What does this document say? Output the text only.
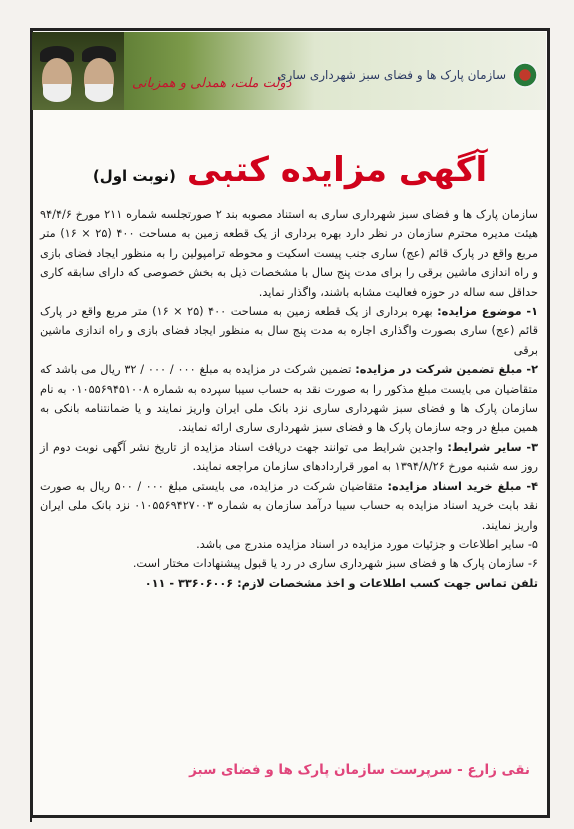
دولت ملت، همدلی و همزبانی
سازمان پارک ها و فضای سبز شهرداری ساری
آگهی مزایده کتبی (نوبت اول)

سازمان پارک ها و فضای سبز شهرداری ساری به استناد مصوبه بند ۲ صورتجلسه شماره ۲۱۱ مورخ ۹۴/۴/۶ هیئت مدیره محترم سازمان در نظر دارد بهره برداری از یک قطعه زمین به مساحت ۴۰۰ (۲۵ × ۱۶) متر مربع واقع در پارک قائم (عج) ساری جنب پیست اسکیت و محوطه ترامپولین را به منظور ایجاد فضای بازی و راه اندازی ماشین برقی را برای مدت پنج سال با مشخصات ذیل به بخش خصوصی که دارای سابقه کاری حداقل سه ساله در حوزه فعالیت مشابه باشند، واگذار نماید.

۱- موضوع مزایده: بهره برداری از یک قطعه زمین به مساحت ۴۰۰ (۲۵ × ۱۶) متر مربع واقع در پارک قائم (عج) ساری بصورت واگذاری اجاره به مدت پنج سال به منظور ایجاد فضای بازی و راه اندازی ماشین برقی

۲- مبلغ تضمین شرکت در مزایده: تضمین شرکت در مزایده به مبلغ ۰۰۰ / ۰۰۰ / ۳۲ ریال می باشد که متقاضیان می بایست مبلغ مذکور را به صورت نقد به حساب سیبا سپرده به شماره ۰۱۰۵۵۶۹۴۵۱۰۰۸ به نام سازمان پارک ها و فضای سبز شهرداری ساری نزد بانک ملی ایران واریز نمایند و یا ضمانتنامه بانکی به همین مبلغ در وجه سازمان پارک ها و فضای سبز شهرداری ساری ارائه نمایند.

۳- سایر شرایط: واجدین شرایط می توانند جهت دریافت اسناد مزایده از تاریخ نشر آگهی نوبت دوم از روز سه شنبه مورخ ۱۳۹۴/۸/۲۶ به امور قراردادهای سازمان مراجعه نمایند.

۴- مبلغ خرید اسناد مزایده: متقاضیان شرکت در مزایده، می بایستی مبلغ ۰۰۰ / ۵۰۰ ریال به صورت نقد بابت خرید اسناد مزایده به حساب سیبا درآمد سازمان به شماره ۰۱۰۵۵۶۹۴۲۷۰۰۳ نزد بانک ملی ایران واریز نمایند.

۵- سایر اطلاعات و جزئیات مورد مزایده در اسناد مزایده مندرج می باشد.

۶- سازمان پارک ها و فضای سبز شهرداری ساری در رد یا قبول پیشنهادات مختار است.

تلفن تماس جهت کسب اطلاعات و اخذ مشخصات لازم: ۳۳۶۰۶۰۰۶ - ۰۱۱

نقی زارع - سرپرست سازمان پارک ها و فضای سبز
